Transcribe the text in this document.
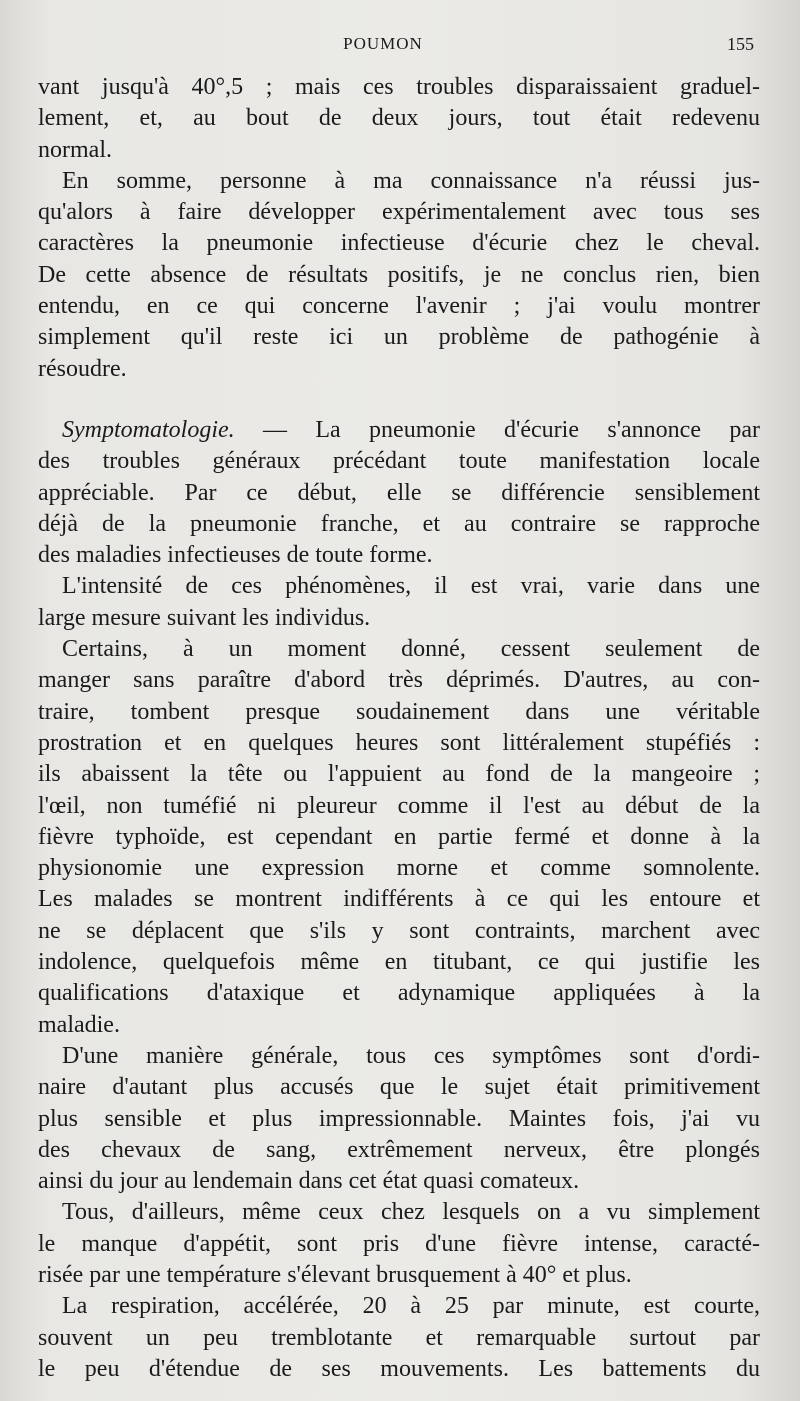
POUMON	155
vant jusqu'à 40°,5 ; mais ces troubles disparaissaient graduel-
lement, et, au bout de deux jours, tout était redevenu
normal.
En somme, personne à ma connaissance n'a réussi jus-
qu'alors à faire développer expérimentalement avec tous ses
caractères la pneumonie infectieuse d'écurie chez le cheval.
De cette absence de résultats positifs, je ne conclus rien, bien
entendu, en ce qui concerne l'avenir ; j'ai voulu montrer
simplement qu'il reste ici un problème de pathogénie à
résoudre.
Symptomatologie. — La pneumonie d'écurie s'annonce par
des troubles généraux précédant toute manifestation locale
appréciable. Par ce début, elle se différencie sensiblement
déjà de la pneumonie franche, et au contraire se rapproche
des maladies infectieuses de toute forme.
L'intensité de ces phénomènes, il est vrai, varie dans une
large mesure suivant les individus.
Certains, à un moment donné, cessent seulement de
manger sans paraître d'abord très déprimés. D'autres, au con-
traire, tombent presque soudainement dans une véritable
prostration et en quelques heures sont littéralement stupéfiés :
ils abaissent la tête ou l'appuient au fond de la mangeoire ;
l'œil, non tuméfié ni pleureur comme il l'est au début de la
fièvre typhoïde, est cependant en partie fermé et donne à la
physionomie une expression morne et comme somnolente.
Les malades se montrent indifférents à ce qui les entoure et
ne se déplacent que s'ils y sont contraints, marchent avec
indolence, quelquefois même en titubant, ce qui justifie les
qualifications d'ataxique et adynamique appliquées à la
maladie.
D'une manière générale, tous ces symptômes sont d'ordi-
naire d'autant plus accusés que le sujet était primitivement
plus sensible et plus impressionnable. Maintes fois, j'ai vu
des chevaux de sang, extrêmement nerveux, être plongés
ainsi du jour au lendemain dans cet état quasi comateux.
Tous, d'ailleurs, même ceux chez lesquels on a vu simplement
le manque d'appétit, sont pris d'une fièvre intense, caracté-
risée par une température s'élevant brusquement à 40° et plus.
La respiration, accélérée, 20 à 25 par minute, est courte,
souvent un peu tremblotante et remarquable surtout par
le peu d'étendue de ses mouvements. Les battements du
